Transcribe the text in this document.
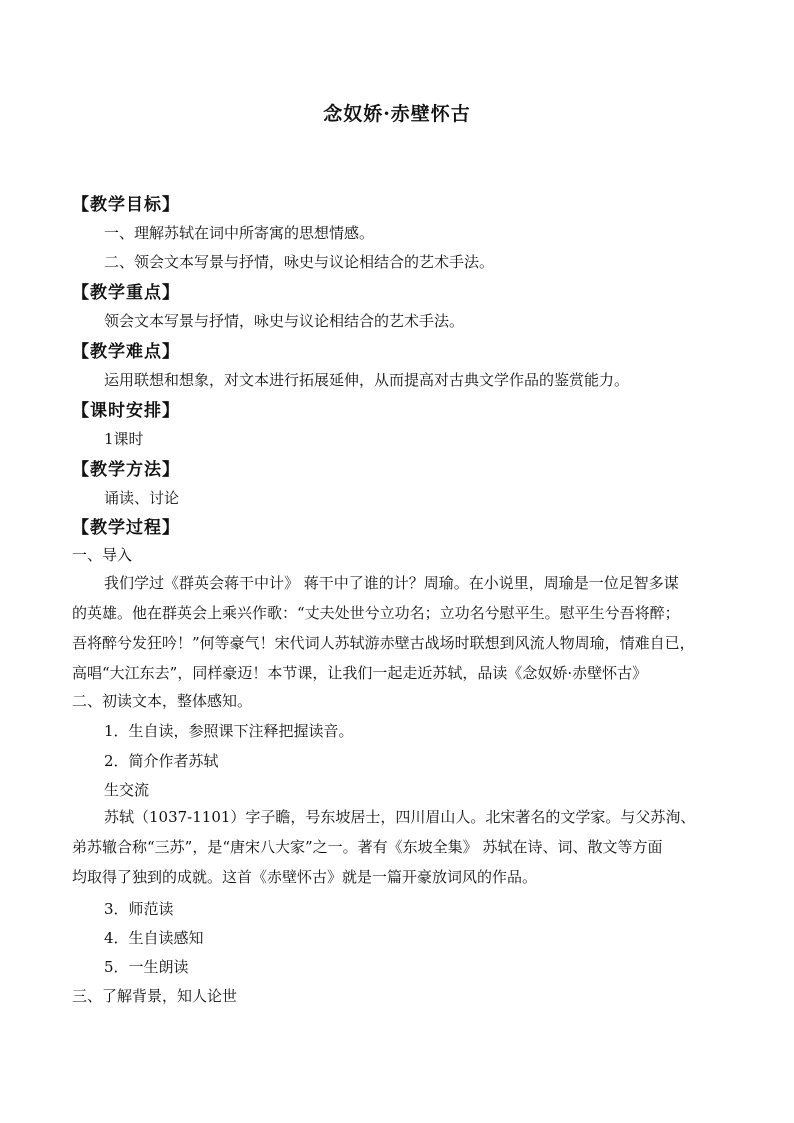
念奴娇·赤壁怀古
【教学目标】
一、理解苏轼在词中所寄寓的思想情感。
二、领会文本写景与抒情，咏史与议论相结合的艺术手法。
【教学重点】
领会文本写景与抒情，咏史与议论相结合的艺术手法。
【教学难点】
运用联想和想象，对文本进行拓展延伸，从而提高对古典文学作品的鉴赏能力。
【课时安排】
1课时
【教学方法】
诵读、讨论
【教学过程】
一、导入
我们学过《群英会蒋干中计》 蒋干中了谁的计？周瑜。在小说里，周瑜是一位足智多谋
的英雄。他在群英会上乘兴作歌：“丈夫处世兮立功名；立功名兮慰平生。慰平生兮吾将醉；
吾将醉兮发狂吟！”何等豪气！宋代词人苏轼游赤壁古战场时联想到风流人物周瑜，情难自已，
高唱“大江东去”，同样豪迈！本节课，让我们一起走近苏轼，品读《念奴娇·赤壁怀古》
二、初读文本，整体感知。
1．生自读，参照课下注释把握读音。
2．简介作者苏轼
生交流
苏轼（1037-1101）字子瞻，号东坡居士，四川眉山人。北宋著名的文学家。与父苏洵、
弟苏辙合称“三苏”，是“唐宋八大家”之一。著有《东坡全集》 苏轼在诗、词、散文等方面
均取得了独到的成就。这首《赤壁怀古》就是一篇开豪放词风的作品。
3．师范读
4．生自读感知
5．一生朗读
三、了解背景，知人论世
